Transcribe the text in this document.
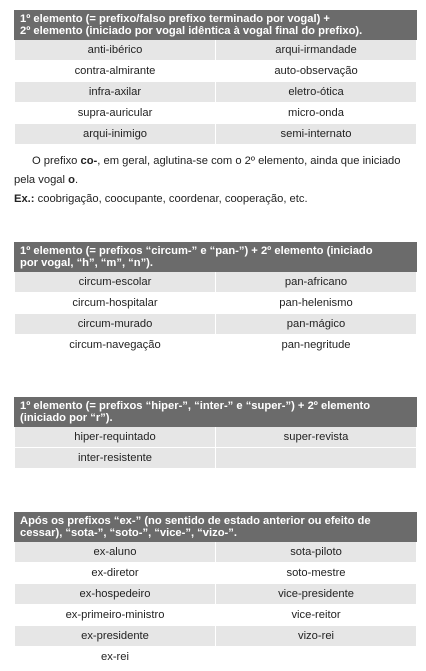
1º elemento (= prefixo/falso prefixo terminado por vogal) +
2º elemento (iniciado por vogal idêntica à vogal final do prefixo).
anti-ibérico	arqui-irmandade
contra-almirante	auto-observação
infra-axilar	eletro-ótica
supra-auricular	micro-onda
arqui-inimigo	semi-internato

O prefixo co-, em geral, aglutina-se com o 2º elemento, ainda que iniciado

pela vogal o.

Ex.: coobrigação, coocupante, coordenar, cooperação, etc.

1º elemento (= prefixos “circum-” e “pan-”) + 2º elemento (iniciado
por vogal, “h”, “m”, “n”).
circum-escolar	pan-africano
circum-hospitalar	pan-helenismo
circum-murado	pan-mágico
circum-navegação	pan-negritude
1º elemento (= prefixos “hiper-”, “inter-” e “super-”) + 2º elemento
(iniciado por “r”).
hiper-requintado	super-revista
inter-resistente	
Após os prefixos “ex-” (no sentido de estado anterior ou efeito de
cessar), “sota-”, “soto-”, “vice-”, “vizo-”.
ex-aluno	sota-piloto
ex-diretor	soto-mestre
ex-hospedeiro	vice-presidente
ex-primeiro-ministro	vice-reitor
ex-presidente	vizo-rei
ex-rei	
